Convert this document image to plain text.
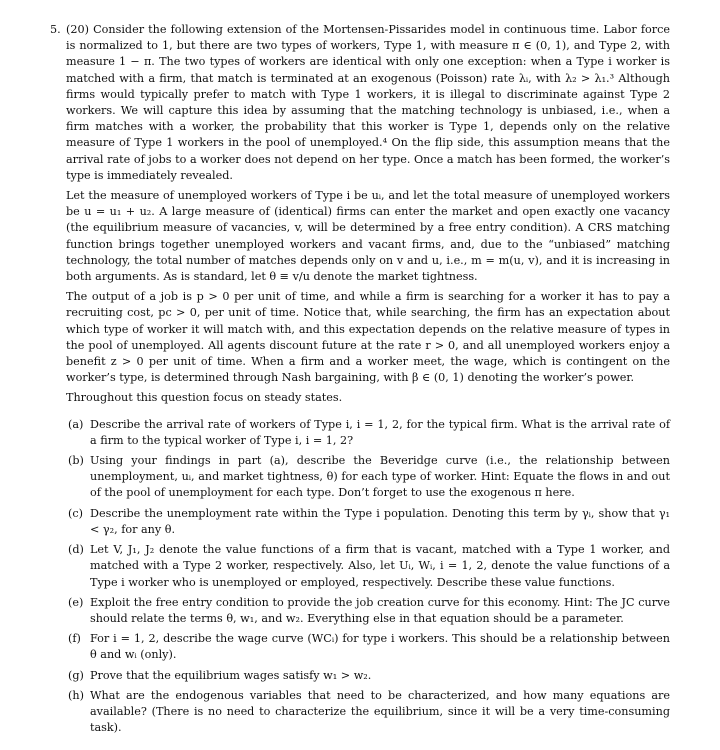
5. (20) Consider the following extension of the Mortensen-Pissarides model in continuous time. Labor force is normalized to 1, but there are two types of workers, Type 1, with measure π ∈ (0, 1), and Type 2, with measure 1 − π. The two types of workers are identical with only one exception: when a Type i worker is matched with a firm, that match is terminated at an exogenous (Poisson) rate λᵢ, with λ₂ > λ₁.³ Although firms would typically prefer to match with Type 1 workers, it is illegal to discriminate against Type 2 workers. We will capture this idea by assuming that the matching technology is unbiased, i.e., when a firm matches with a worker, the probability that this worker is Type 1, depends only on the relative measure of Type 1 workers in the pool of unemployed.⁴ On the flip side, this assumption means that the arrival rate of jobs to a worker does not depend on her type. Once a match has been formed, the worker’s type is immediately revealed.

Let the measure of unemployed workers of Type i be uᵢ, and let the total measure of unemployed workers be u = u₁ + u₂. A large measure of (identical) firms can enter the market and open exactly one vacancy (the equilibrium measure of vacancies, v, will be determined by a free entry condition). A CRS matching function brings together unemployed workers and vacant firms, and, due to the “unbiased” matching technology, the total number of matches depends only on v and u, i.e., m = m(u, v), and it is increasing in both arguments. As is standard, let θ ≡ v/u denote the market tightness.

The output of a job is p > 0 per unit of time, and while a firm is searching for a worker it has to pay a recruiting cost, pc > 0, per unit of time. Notice that, while searching, the firm has an expectation about which type of worker it will match with, and this expectation depends on the relative measure of types in the pool of unemployed. All agents discount future at the rate r > 0, and all unemployed workers enjoy a benefit z > 0 per unit of time. When a firm and a worker meet, the wage, which is contingent on the worker’s type, is determined through Nash bargaining, with β ∈ (0, 1) denoting the worker’s power.

Throughout this question focus on steady states.

(a) Describe the arrival rate of workers of Type i, i = 1, 2, for the typical firm. What is the arrival rate of a firm to the typical worker of Type i, i = 1, 2?
(b) Using your findings in part (a), describe the Beveridge curve (i.e., the relationship between unemployment, uᵢ, and market tightness, θ) for each type of worker. Hint: Equate the flows in and out of the pool of unemployment for each type. Don’t forget to use the exogenous π here.
(c) Describe the unemployment rate within the Type i population. Denoting this term by γᵢ, show that γ₁ < γ₂, for any θ.
(d) Let V, J₁, J₂ denote the value functions of a firm that is vacant, matched with a Type 1 worker, and matched with a Type 2 worker, respectively. Also, let Uᵢ, Wᵢ, i = 1, 2, denote the value functions of a Type i worker who is unemployed or employed, respectively. Describe these value functions.
(e) Exploit the free entry condition to provide the job creation curve for this economy. Hint: The JC curve should relate the terms θ, w₁, and w₂. Everything else in that equation should be a parameter.
(f) For i = 1, 2, describe the wage curve (WCᵢ) for type i workers. This should be a relationship between θ and wᵢ (only).
(g) Prove that the equilibrium wages satisfy w₁ > w₂.
(h) What are the endogenous variables that need to be characterized, and how many equations are available? (There is no need to characterize the equilibrium, since it will be a very time-consuming task).
